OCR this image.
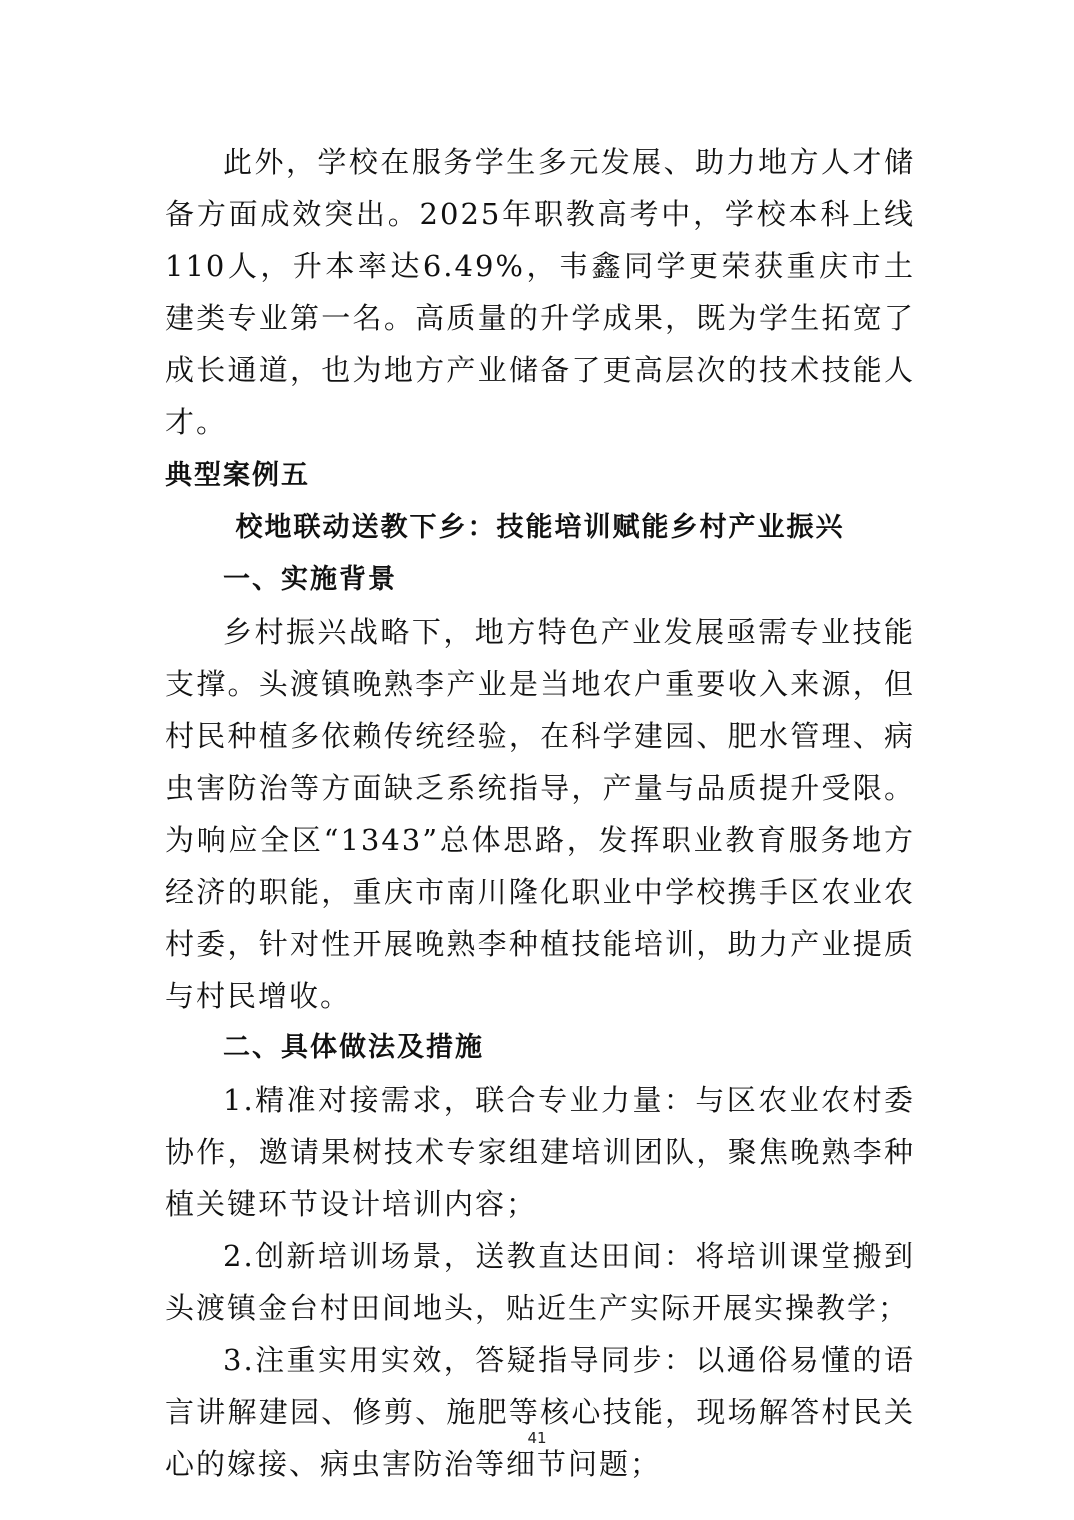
此外，学校在服务学生多元发展、助力地方人才储备方面成效突出。2025年职教高考中，学校本科上线110人，升本率达6.49%，韦鑫同学更荣获重庆市土建类专业第一名。高质量的升学成果，既为学生拓宽了成长通道，也为地方产业储备了更高层次的技术技能人才。

典型案例五

校地联动送教下乡：技能培训赋能乡村产业振兴

一、实施背景

乡村振兴战略下，地方特色产业发展亟需专业技能支撑。头渡镇晚熟李产业是当地农户重要收入来源，但村民种植多依赖传统经验，在科学建园、肥水管理、病虫害防治等方面缺乏系统指导，产量与品质提升受限。为响应全区“1343”总体思路，发挥职业教育服务地方经济的职能，重庆市南川隆化职业中学校携手区农业农村委，针对性开展晚熟李种植技能培训，助力产业提质与村民增收。

二、具体做法及措施

1.精准对接需求，联合专业力量：与区农业农村委协作，邀请果树技术专家组建培训团队，聚焦晚熟李种植关键环节设计培训内容；

2.创新培训场景，送教直达田间：将培训课堂搬到头渡镇金台村田间地头，贴近生产实际开展实操教学；

3.注重实用实效，答疑指导同步：以通俗易懂的语言讲解建园、修剪、施肥等核心技能，现场解答村民关心的嫁接、病虫害防治等细节问题；

41
